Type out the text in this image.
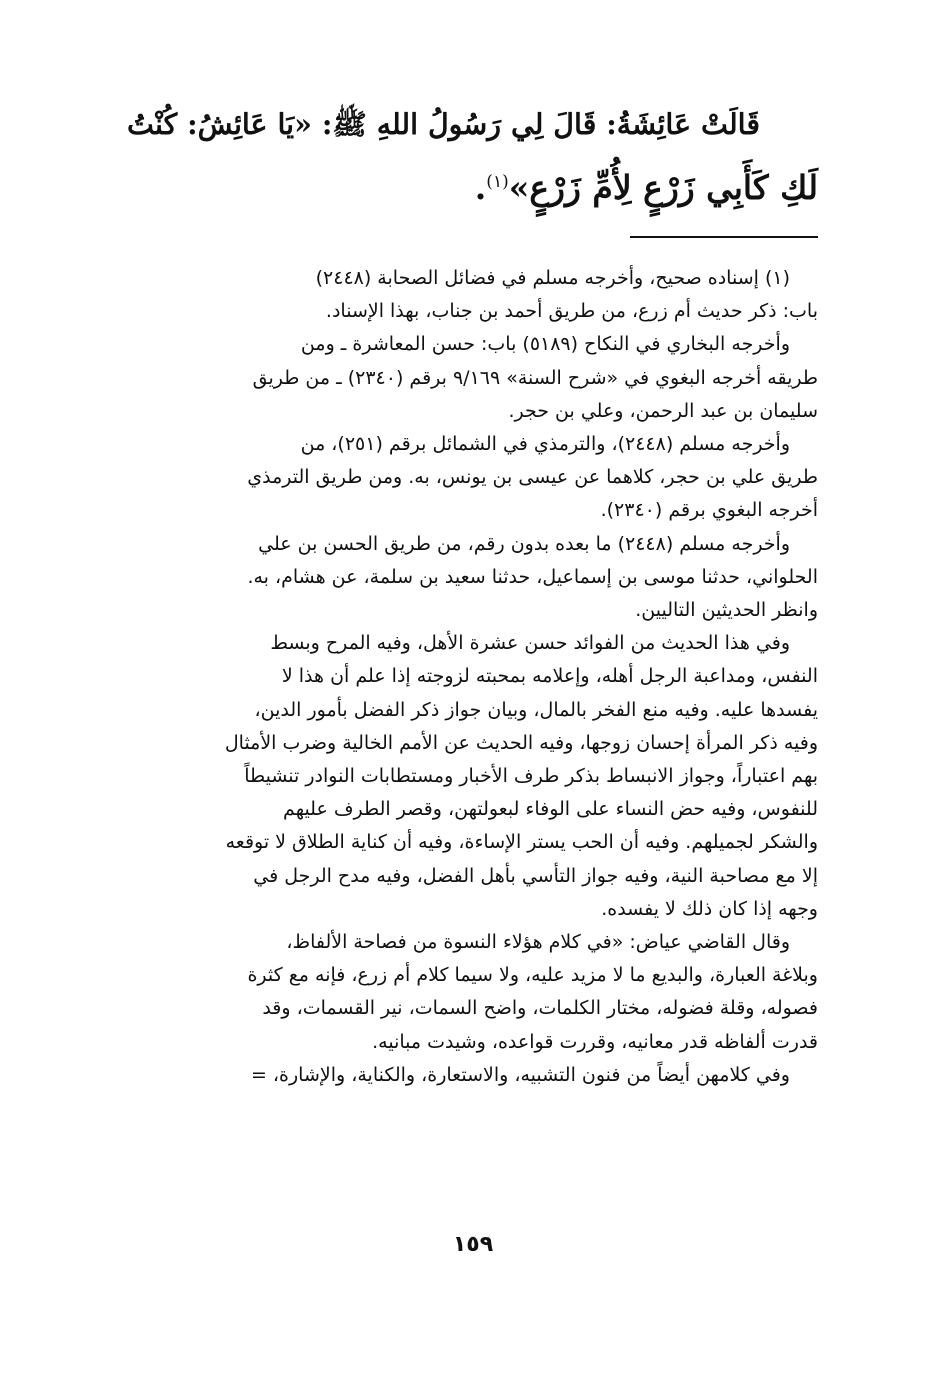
قَالَتْ عَائِشَةُ: قَالَ لِي رَسُولُ اللهِ ﷺ: «يَا عَائِشُ: كُنْتُ
لَكِ كَأَبِي زَرْعٍ لِأُمِّ زَرْعٍ»$^{(١)}$.

(١) إسناده صحيح، وأخرجه مسلم في فضائل الصحابة (٢٤٤٨)
باب: ذكر حديث أم زرع، من طريق أحمد بن جناب، بهذا الإسناد.

وأخرجه البخاري في النكاح (٥١٨٩) باب: حسن المعاشرة ـ ومن
طريقه أخرجه البغوي في «شرح السنة» ٩/١٦٩ برقم (٢٣٤٠) ـ من طريق
سليمان بن عبد الرحمن، وعلي بن حجر.

وأخرجه مسلم (٢٤٤٨)، والترمذي في الشمائل برقم (٢٥١)، من
طريق علي بن حجر، كلاهما عن عيسى بن يونس، به. ومن طريق الترمذي
أخرجه البغوي برقم (٢٣٤٠).

وأخرجه مسلم (٢٤٤٨) ما بعده بدون رقم، من طريق الحسن بن علي
الحلواني، حدثنا موسى بن إسماعيل، حدثنا سعيد بن سلمة، عن هشام، به.
وانظر الحديثين التاليين.

وفي هذا الحديث من الفوائد حسن عشرة الأهل، وفيه المرح وبسط
النفس، ومداعبة الرجل أهله، وإعلامه بمحبته لزوجته إذا علم أن هذا لا
يفسدها عليه. وفيه منع الفخر بالمال، وبيان جواز ذكر الفضل بأمور الدين،
وفيه ذكر المرأة إحسان زوجها، وفيه الحديث عن الأمم الخالية وضرب الأمثال
بهم اعتباراً، وجواز الانبساط بذكر طرف الأخبار ومستطابات النوادر تنشيطاً
للنفوس، وفيه حض النساء على الوفاء لبعولتهن، وقصر الطرف عليهم
والشكر لجميلهم. وفيه أن الحب يستر الإساءة، وفيه أن كناية الطلاق لا توقعه
إلا مع مصاحبة النية، وفيه جواز التأسي بأهل الفضل، وفيه مدح الرجل في
وجهه إذا كان ذلك لا يفسده.

وقال القاضي عياض: «في كلام هؤلاء النسوة من فصاحة الألفاظ،
وبلاغة العبارة، والبديع ما لا مزيد عليه، ولا سيما كلام أم زرع، فإنه مع كثرة
فصوله، وقلة فضوله، مختار الكلمات، واضح السمات، نير القسمات، وقد
قدرت ألفاظه قدر معانيه، وقررت قواعده، وشيدت مبانيه.

وفي كلامهن أيضاً من فنون التشبيه، والاستعارة، والكناية، والإشارة، =

١٥٩
